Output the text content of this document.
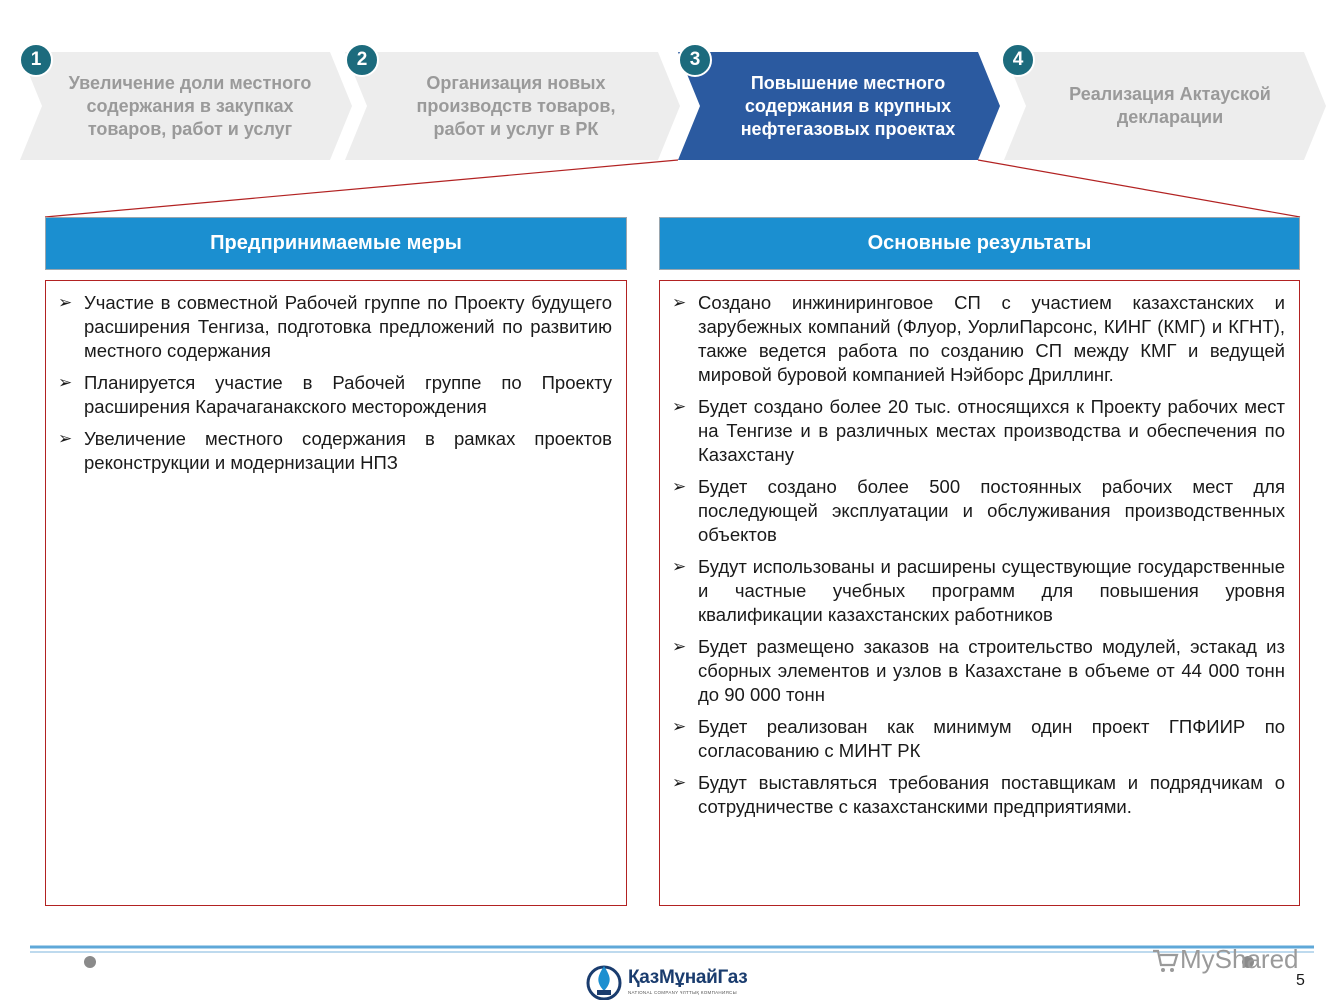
1	2	3	4
Увеличение доли местного
содержания в закупках
товаров, работ и услуг
Организация новых
производств товаров,
работ и услуг в РК
Повышение местного
содержания в крупных
нефтегазовых проектах
Реализация Актауской
декларации
Предпринимаемые меры	Основные результаты
➢ Участие в совместной Рабочей группе по Проекту будущего расширения Тенгиза, подготовка предложений по развитию местного содержания
➢ Планируется участие в Рабочей группе по Проекту расширения Карачаганакского месторождения
➢ Увеличение местного содержания в рамках проектов реконструкции и модернизации НПЗ
➢ Создано инжиниринговое СП с участием казахстанских и зарубежных компаний (Флуор, УорлиПарсонс, КИНГ (КМГ) и КГНТ), также ведется работа по созданию СП между КМГ и ведущей мировой буровой компанией Нэйборс Дриллинг.
➢ Будет создано более 20 тыс. относящихся к Проекту рабочих мест на Тенгизе и в различных местах производства и обеспечения по Казахстану
➢ Будет создано более 500 постоянных рабочих мест для последующей эксплуатации и обслуживания производственных объектов
➢ Будут использованы и расширены существующие государственные и частные учебных программ для повышения уровня квалификации казахстанских работников
➢ Будет размещено заказов на строительство модулей, эстакад из сборных элементов и узлов в Казахстане в объеме от 44 000 тонн до 90 000 тонн
➢ Будет реализован как минимум один проект ГПФИИР по согласованию с МИНТ РК
➢ Будут выставляться требования поставщикам и подрядчикам о сотрудничестве с казахстанскими предприятиями.
ҚазМұнайГаз
NATIONAL COMPANY ҰЛТТЫҚ КОМПАНИЯСЫ
MyShared
5
